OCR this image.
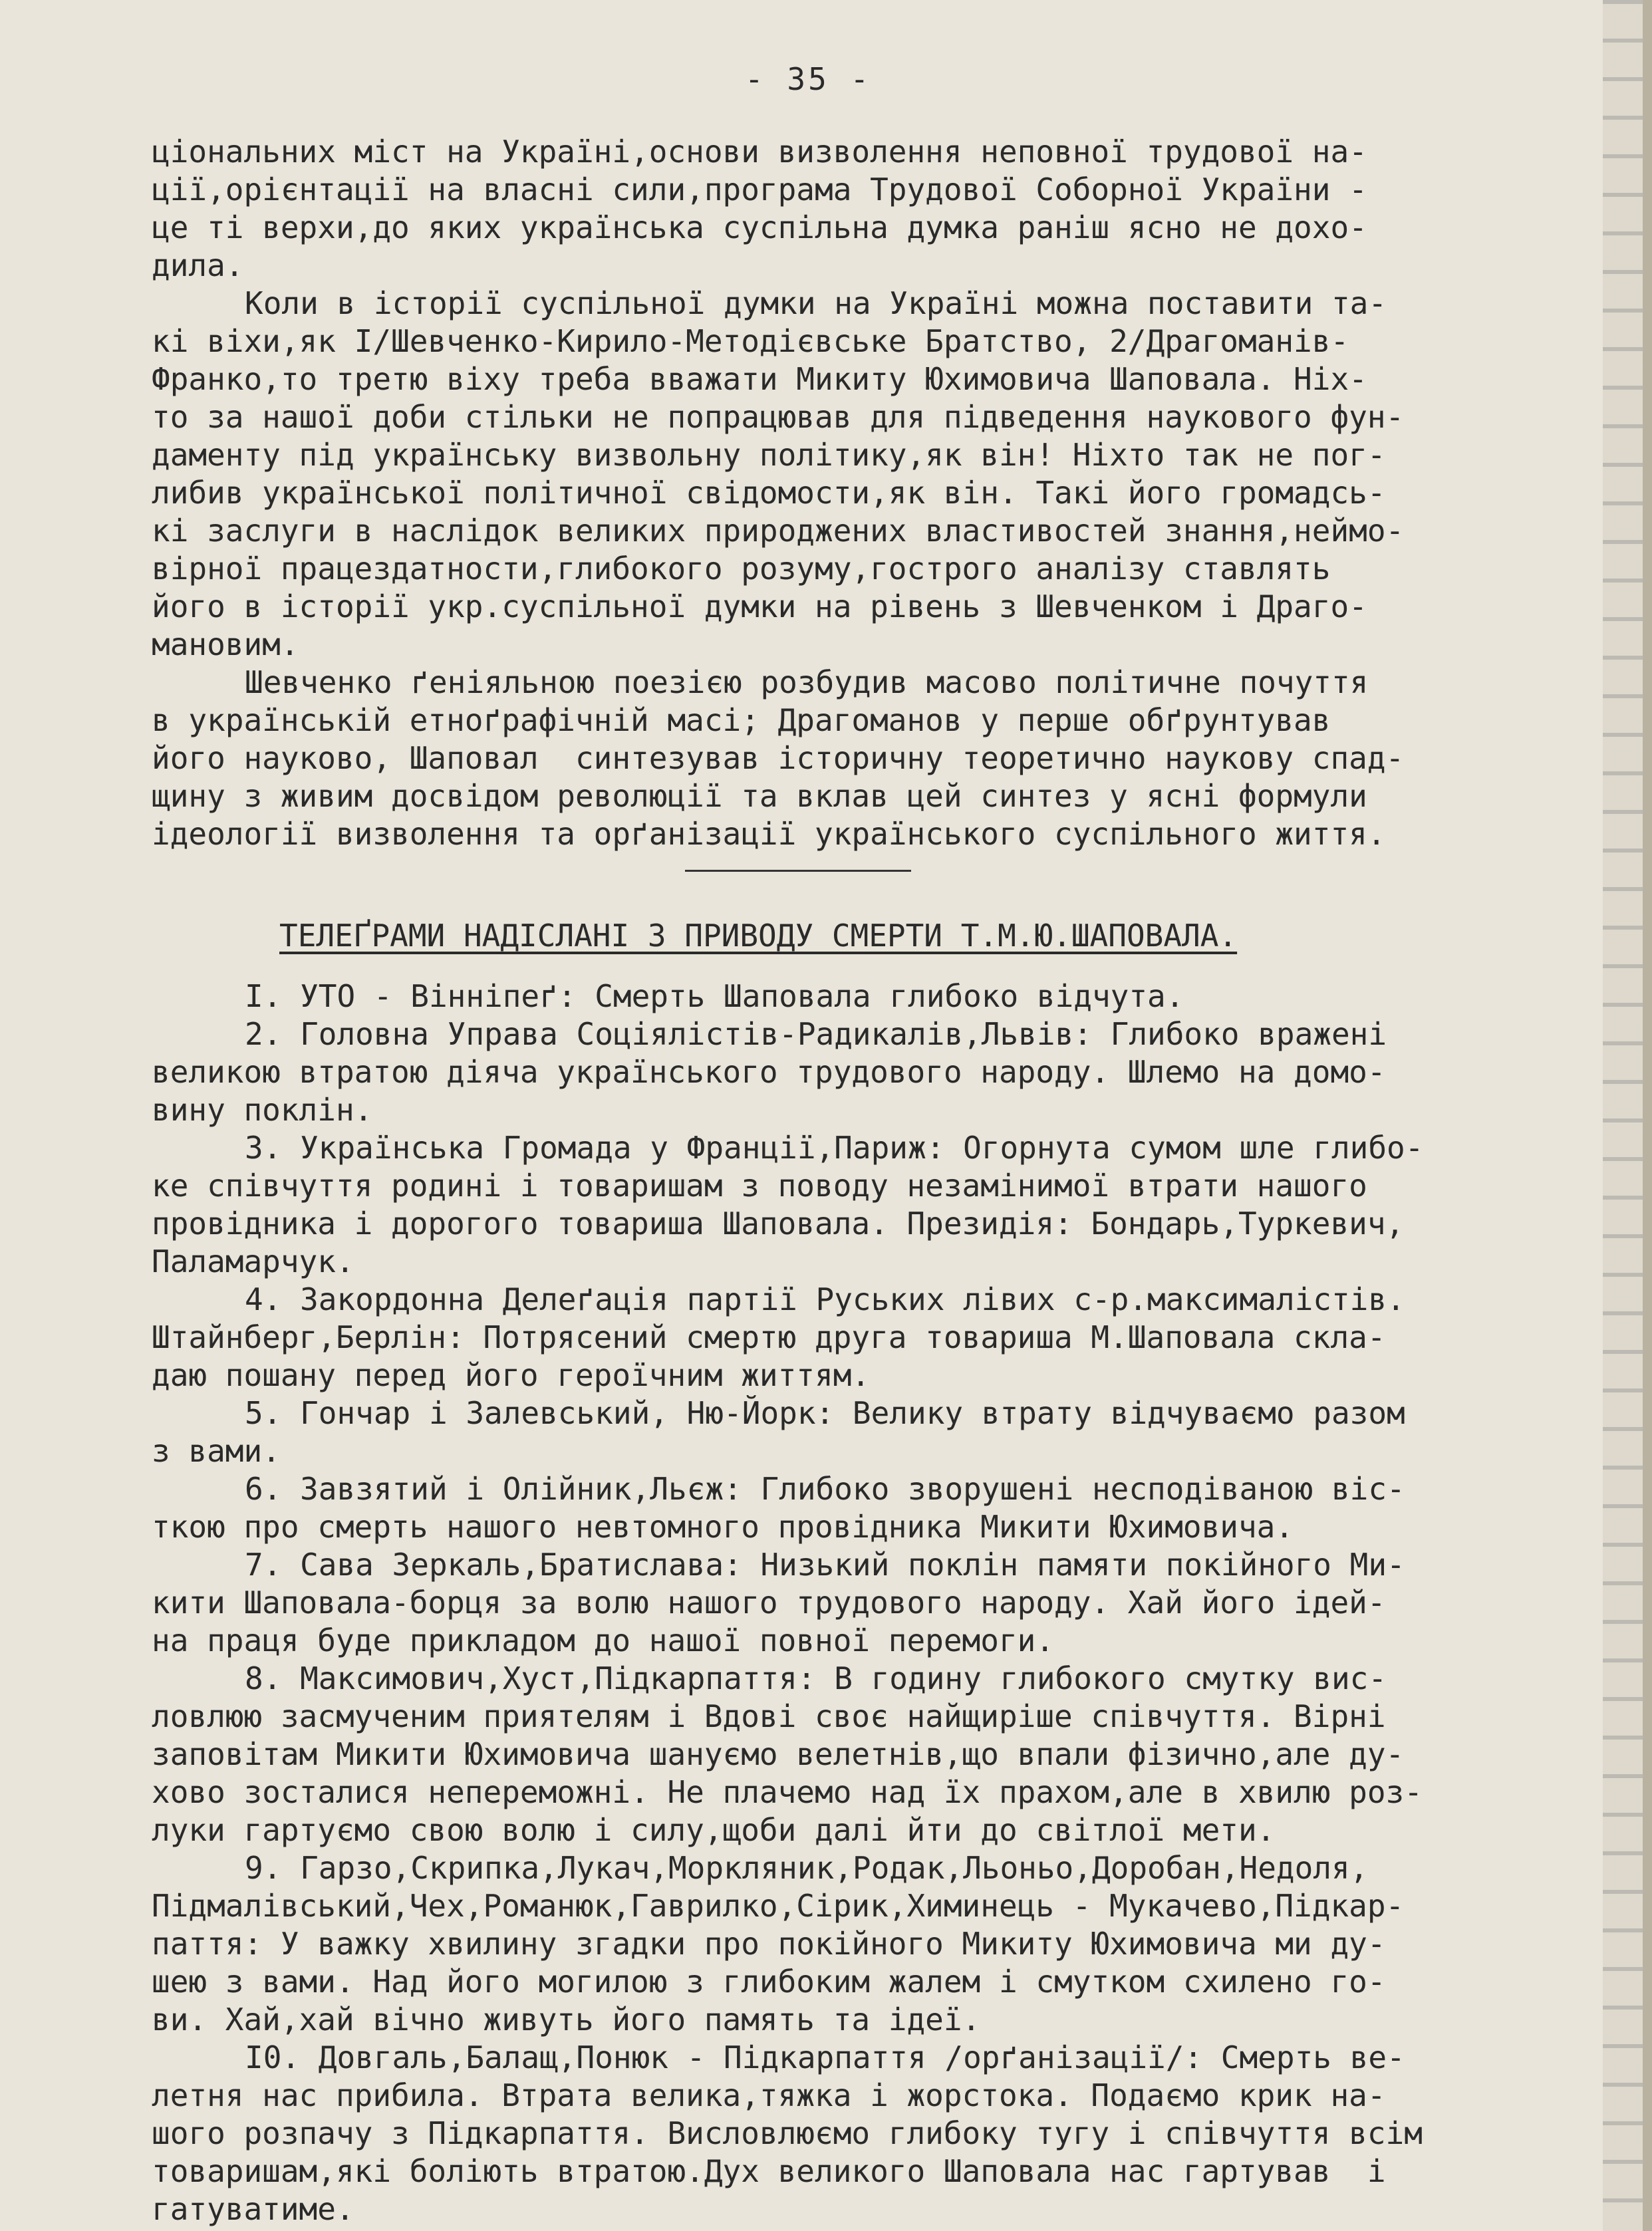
- 35 -
ціональних міст на Україні,основи визволення неповної трудової на-
ції,орієнтації на власні сили,програма Трудової Соборної України -
це ті верхи,до яких українська суспільна думка раніш ясно не дохо-
дила.
Коли в історії суспільної думки на Україні можна поставити та-
кі віхи,як І/Шевченко-Кирило-Методієвське Братство, 2/Драгоманів-
Франко,то третю віху треба вважати Микиту Юхимовича Шаповала. Ніх-
то за нашої доби стільки не попрацював для підведення наукового фун-
даменту під українську визвольну політику,як він! Ніхто так не пог-
либив української політичної свідомости,як він. Такі його громадсь-
кі заслуги в наслідок великих природжених властивостей знання,неймо-
вірної працездатности,глибокого розуму,гострого аналізу ставлять
його в історії укр.суспільної думки на рівень з Шевченком і Драго-
мановим.
Шевченко ґеніяльною поезією розбудив масово політичне почуття
в українській етноґрафічній масі; Драгоманов у перше обґрунтував
його науково, Шаповал  синтезував історичну теоретично наукову спад-
щину з живим досвідом революції та вклав цей синтез у ясні формули
ідеології визволення та орґанізації українського суспільного життя.
ТЕЛЕҐРАМИ НАДІСЛАНІ З ПРИВОДУ СМЕРТИ Т.М.Ю.ШАПОВАЛА.
І. УТО - Вінніпеґ: Смерть Шаповала глибоко відчута.
2. Головна Управа Соціялістів-Радикалів,Львів: Глибоко вражені
великою втратою діяча українського трудового народу. Шлемо на домо-
вину поклін.
3. Українська Громада у Франції,Париж: Огорнута сумом шле глибо-
ке співчуття родині і товаришам з поводу незамінимої втрати нашого
провідника і дорогого товариша Шаповала. Президія: Бондарь,Туркевич,
Паламарчук.
4. Закордонна Делеґація партії Руських лівих с-р.максималістів.
Штайнберг,Берлін: Потрясений смертю друга товариша М.Шаповала скла-
даю пошану перед його героїчним життям.
5. Гончар і Залевський, Ню-Йорк: Велику втрату відчуваємо разом
з вами.
6. Завзятий і Олійник,Льєж: Глибоко зворушені несподіваною віс-
ткою про смерть нашого невтомного провідника Микити Юхимовича.
7. Сава Зеркаль,Братислава: Низький поклін памяти покійного Ми-
кити Шаповала-борця за волю нашого трудового народу. Хай його ідей-
на праця буде прикладом до нашої повної перемоги.
8. Максимович,Хуст,Підкарпаття: В годину глибокого смутку вис-
ловлюю засмученим приятелям і Вдові своє найщиріше співчуття. Вірні
заповітам Микити Юхимовича шануємо велетнів,що впали фізично,але ду-
хово зосталися непереможні. Не плачемо над їх прахом,але в хвилю роз-
луки гартуємо свою волю і силу,щоби далі йти до світлої мети.
9. Гарзо,Скрипка,Лукач,Моркляник,Родак,Льоньо,Доробан,Недоля,
Підмалівський,Чех,Романюк,Гаврилко,Сірик,Химинець - Мукачево,Підкар-
паття: У важку хвилину згадки про покійного Микиту Юхимовича ми ду-
шею з вами. Над його могилою з глибоким жалем і смутком схилено го-
ви. Хай,хай вічно живуть його память та ідеї.
І0. Довгаль,Балащ,Понюк - Підкарпаття /орґанізації/: Смерть ве-
летня нас прибила. Втрата велика,тяжка і жорстока. Подаємо крик на-
шого розпачу з Підкарпаття. Висловлюємо глибоку тугу і співчуття всім
товаришам,які боліють втратою.Дух великого Шаповала нас гартував  і
гатуватиме.
